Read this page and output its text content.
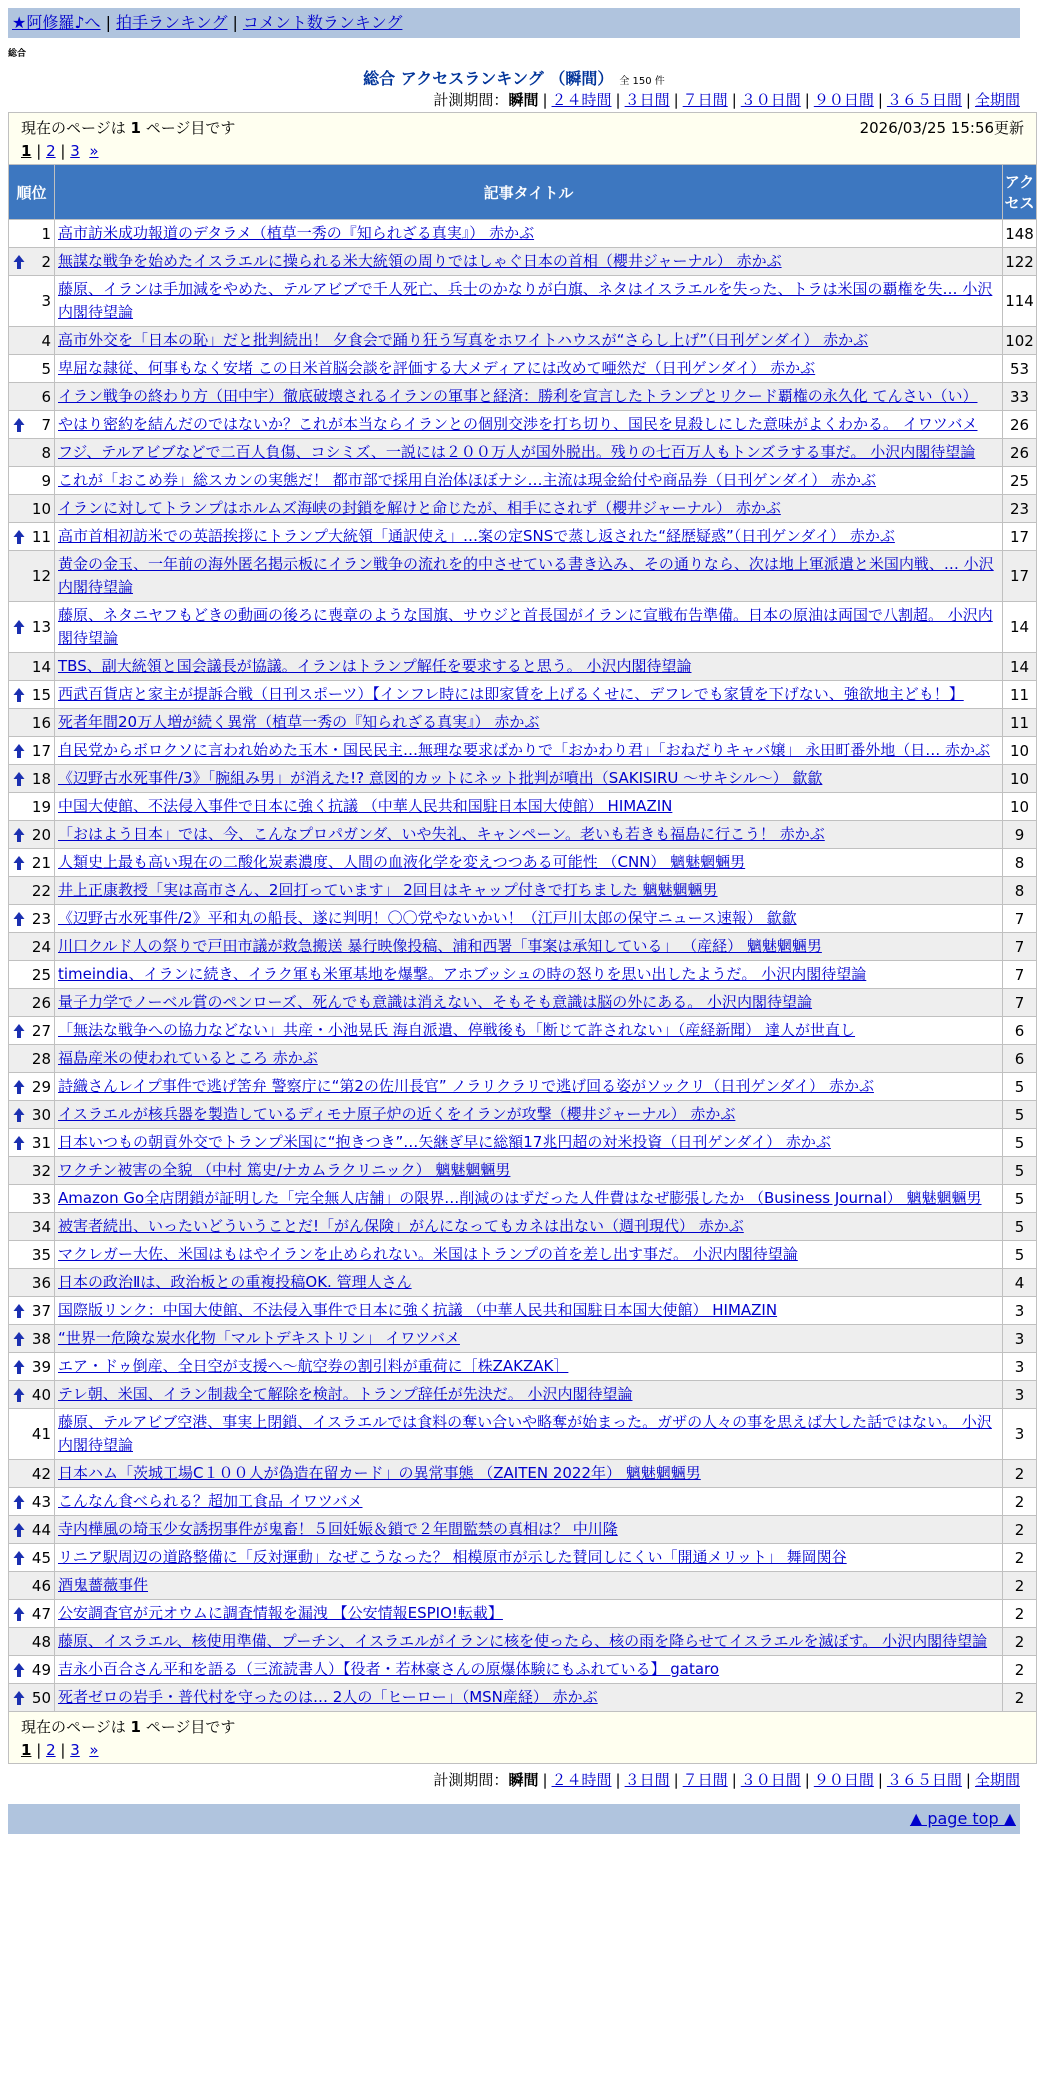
★阿修羅♪へ | 拍手ランキング | コメント数ランキング
総合
総合 アクセスランキング （瞬間） 全 150 件
計測期間：瞬間 | ２４時間 | ３日間 | ７日間 | ３０日間 | ９０日間 | ３６５日間 | 全期間
現在のページは 1 ページ目です 2026/03/25 15:56更新
1 | 2 | 3 »		

順位	記事タイトル	アクセス
1	高市訪米成功報道のデタラメ（植草一秀の『知られざる真実』） 赤かぶ	148

2	無謀な戦争を始めたイスラエルに操られる米大統領の周りではしゃぐ日本の首相（櫻井ジャーナル） 赤かぶ	122
3	藤原、イランは手加減をやめた、テルアビブで千人死亡、兵士のかなりが白旗、ネタはイスラエルを失った、トラは米国の覇権を失… 小沢内閣待望論	114
4	高市外交を「日本の恥」だと批判続出！ 夕食会で踊り狂う写真をホワイトハウスが“さらし上げ”（日刊ゲンダイ） 赤かぶ	102
5	卑屈な隷従、何事もなく安堵 この日米首脳会談を評価する大メディアには改めて唖然だ（日刊ゲンダイ） 赤かぶ	53
6	イラン戦争の終わり方（田中宇）徹底破壊されるイランの軍事と経済：勝利を宣言したトランプとリクード覇権の永久化 てんさい（い）	33

7	やはり密約を結んだのではないか？これが本当ならイランとの個別交渉を打ち切り、国民を見殺しにした意味がよくわかる。 イワツバメ	26
8	フジ、テルアビブなどで二百人負傷、コシミズ、一説には２００万人が国外脱出。残りの七百万人もトンズラする事だ。 小沢内閣待望論	26
9	これが「おこめ券」総スカンの実態だ！ 都市部で採用自治体ほぼナシ…主流は現金給付や商品券（日刊ゲンダイ） 赤かぶ	25
10	イランに対してトランプはホルムズ海峡の封鎖を解けと命じたが、相手にされず（櫻井ジャーナル） 赤かぶ	23

11	高市首相初訪米での英語挨拶にトランプ大統領「通訳使え」…案の定SNSで蒸し返された“経歴疑惑”（日刊ゲンダイ） 赤かぶ	17
12	黄金の金玉、一年前の海外匿名掲示板にイラン戦争の流れを的中させている書き込み、その通りなら、次は地上軍派遣と米国内戦、… 小沢内閣待望論	17

13	藤原、ネタニヤフもどきの動画の後ろに喪章のような国旗、サウジと首長国がイランに宣戦布告準備。日本の原油は両国で八割超。 小沢内閣待望論	14
14	TBS、副大統領と国会議長が協議。イランはトランプ解任を要求すると思う。 小沢内閣待望論	14

15	西武百貨店と家主が提訴合戦（日刊スポーツ）【インフレ時には即家賃を上げるくせに、デフレでも家賃を下げない、強欲地主ども！】	11
16	死者年間20万人増が続く異常（植草一秀の『知られざる真実』） 赤かぶ	11

17	自民党からボロクソに言われ始めた玉木・国民民主…無理な要求ばかりで「おかわり君」「おねだりキャバ嬢」 永田町番外地（日… 赤かぶ	10

18	《辺野古水死事件/3》「腕組み男」が消えた!? 意図的カットにネット批判が噴出（SAKISIRU 〜サキシル〜） 歙歙	10
19	中国大使館、不法侵入事件で日本に強く抗議 （中華人民共和国駐日本国大使館） HIMAZIN	10

20	「おはよう日本」では、今、こんなプロパガンダ、いや失礼、キャンペーン。老いも若きも福島に行こう！ 赤かぶ	9

21	人類史上最も高い現在の二酸化炭素濃度、人間の血液化学を変えつつある可能性 （CNN） 魑魅魍魎男	8
22	井上正康教授「実は高市さん、2回打っています」 2回目はキャップ付きで打ちました 魑魅魍魎男	8

23	《辺野古水死事件/2》平和丸の船長、遂に判明！〇〇党やないかい！（江戸川太郎の保守ニュース速報） 歙歙	7
24	川口クルド人の祭りで戸田市議が救急搬送 暴行映像投稿、浦和西署「事案は承知している」 （産経） 魑魅魍魎男	7
25	timeindia、イランに続き、イラク軍も米軍基地を爆撃。アホブッシュの時の怒りを思い出したようだ。 小沢内閣待望論	7
26	量子力学でノーベル賞のペンローズ、死んでも意識は消えない、そもそも意識は脳の外にある。 小沢内閣待望論	7

27	「無法な戦争への協力などない」共産・小池晃氏 海自派遣、停戦後も「断じて許されない」（産経新聞） 達人が世直し	6
28	福島産米の使われているところ 赤かぶ	6

29	詩織さんレイプ事件で逃げ筈弁 警察庁に“第2の佐川長官” ノラリクラリで逃げ回る姿がソックリ（日刊ゲンダイ） 赤かぶ	5

30	イスラエルが核兵器を製造しているディモナ原子炉の近くをイランが攻撃（櫻井ジャーナル） 赤かぶ	5

31	日本いつもの朝貢外交でトランプ米国に“抱きつき”…矢継ぎ早に総額17兆円超の対米投資（日刊ゲンダイ） 赤かぶ	5
32	ワクチン被害の全貌 （中村 篤史/ナカムラクリニック） 魑魅魍魎男	5
33	Amazon Go全店閉鎖が証明した「完全無人店舗」の限界…削減のはずだった人件費はなぜ膨張したか （Business Journal） 魑魅魍魎男	5
34	被害者続出、いったいどういうことだ!「がん保険」がんになってもカネは出ない（週刊現代） 赤かぶ	5
35	マクレガー大佐、米国はもはやイランを止められない。米国はトランプの首を差し出す事だ。 小沢内閣待望論	5
36	日本の政治Ⅱは、政治板との重複投稿OK. 管理人さん	4

37	国際版リンク：中国大使館、不法侵入事件で日本に強く抗議 （中華人民共和国駐日本国大使館） HIMAZIN	3

38	“世界一危険な炭水化物「マルトデキストリン」 イワツバメ	3

39	エア・ドゥ倒産、全日空が支援へ〜航空券の割引料が重荷に［株ZAKZAK］	3

40	テレ朝、米国、イラン制裁全て解除を検討。トランプ辞任が先決だ。 小沢内閣待望論	3
41	藤原、テルアビブ空港、事実上閉鎖、イスラエルでは食料の奪い合いや略奪が始まった。ガザの人々の事を思えば大した話ではない。 小沢内閣待望論	3
42	日本ハム「茨城工場C１００人が偽造在留カード」の異常事態 （ZAITEN 2022年） 魑魅魍魎男	2

43	こんなん食べられる？超加工食品 イワツバメ	2

44	寺内樺風の埼玉少女誘拐事件が鬼畜！５回妊娠＆鎖で２年間監禁の真相は？ 中川隆	2

45	リニア駅周辺の道路整備に「反対運動」なぜこうなった？ 相模原市が示した賛同しにくい「開通メリット」 舞岡関谷	2
46	酒鬼薔薇事件	2

47	公安調査官が元オウムに調査情報を漏洩 【公安情報ESPIO!転載】	2
48	藤原、イスラエル、核使用準備、プーチン、イスラエルがイランに核を使ったら、核の雨を降らせてイスラエルを滅ぼす。 小沢内閣待望論	2

49	吉永小百合さん平和を語る（三流読書人）【役者・若林豪さんの原爆体験にもふれている】 gataro	2

50	死者ゼロの岩手・普代村を守ったのは… 2人の「ヒーロー」（MSN産経） 赤かぶ	2

現在のページは 1 ページ目です
1 | 2 | 3 »		
計測期間：瞬間 | ２４時間 | ３日間 | ７日間 | ３０日間 | ９０日間 | ３６５日間 | 全期間
▲ page top ▲
